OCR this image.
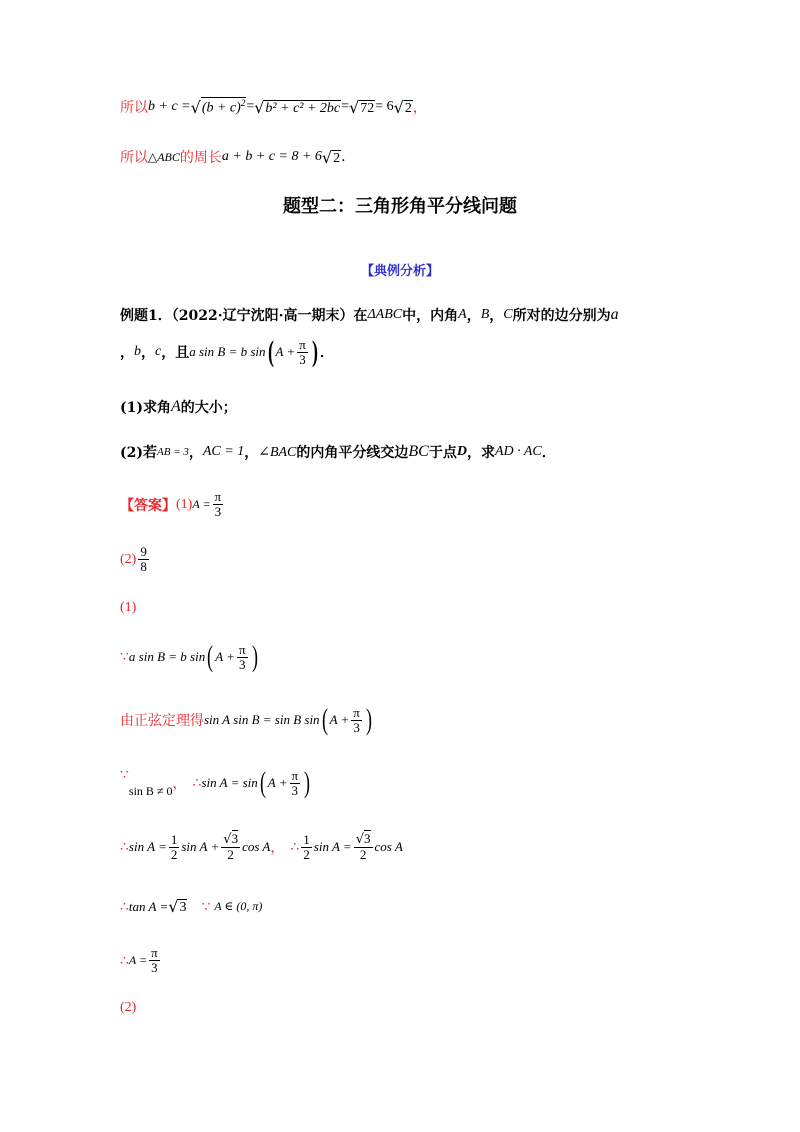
所以 b + c = √ $(b + c)^2$ = √ b² + c² + 2bc = √ 72 = 6 √ 2 ，
所以 △ABC 的周长 a + b + c = 8 + 6 √ 2 .
题型二：三角形角平分线问题
【典例分析】
例题1．（2022·辽宁沈阳·高一期末）在 ΔABC 中，内角 A ， B ， C 所对的边分别为 a
， b ， c ， 且 a sin B = b sin ( $A + \frac{\pi}{3}$ ) ．
(1)求角 A 的大小；
(2)若 AB = 3 ， AC = 1 ， ∠BAC 的内角平分线交边 BC 于点 D ，求 AD · AC ．
【答案】 (1) $A = \frac{\pi}{3}$
$(2) \frac{9}{8}$
(1)
∵ a sin B = b sin ( $A + \frac{\pi}{3}$ )
由正弦定理得 sin A sin B = sin B sin ( $A + \frac{\pi}{3}$ )
∵
sin B ≠ 0 ， ∴ sin A = sin ( $A + \frac{\pi}{3}$ )
∴ $\sin A = \frac{1}{2}$ $\sin A + \frac{√3}{2}$ cos A ， ∴ $\frac{1}{2}$ $\sin A = \frac{√3}{2}$ cos A
∴ tan A = √ 3 ∵ A ∈ (0, π)
∴ $A = \frac{\pi}{3}$
(2)
